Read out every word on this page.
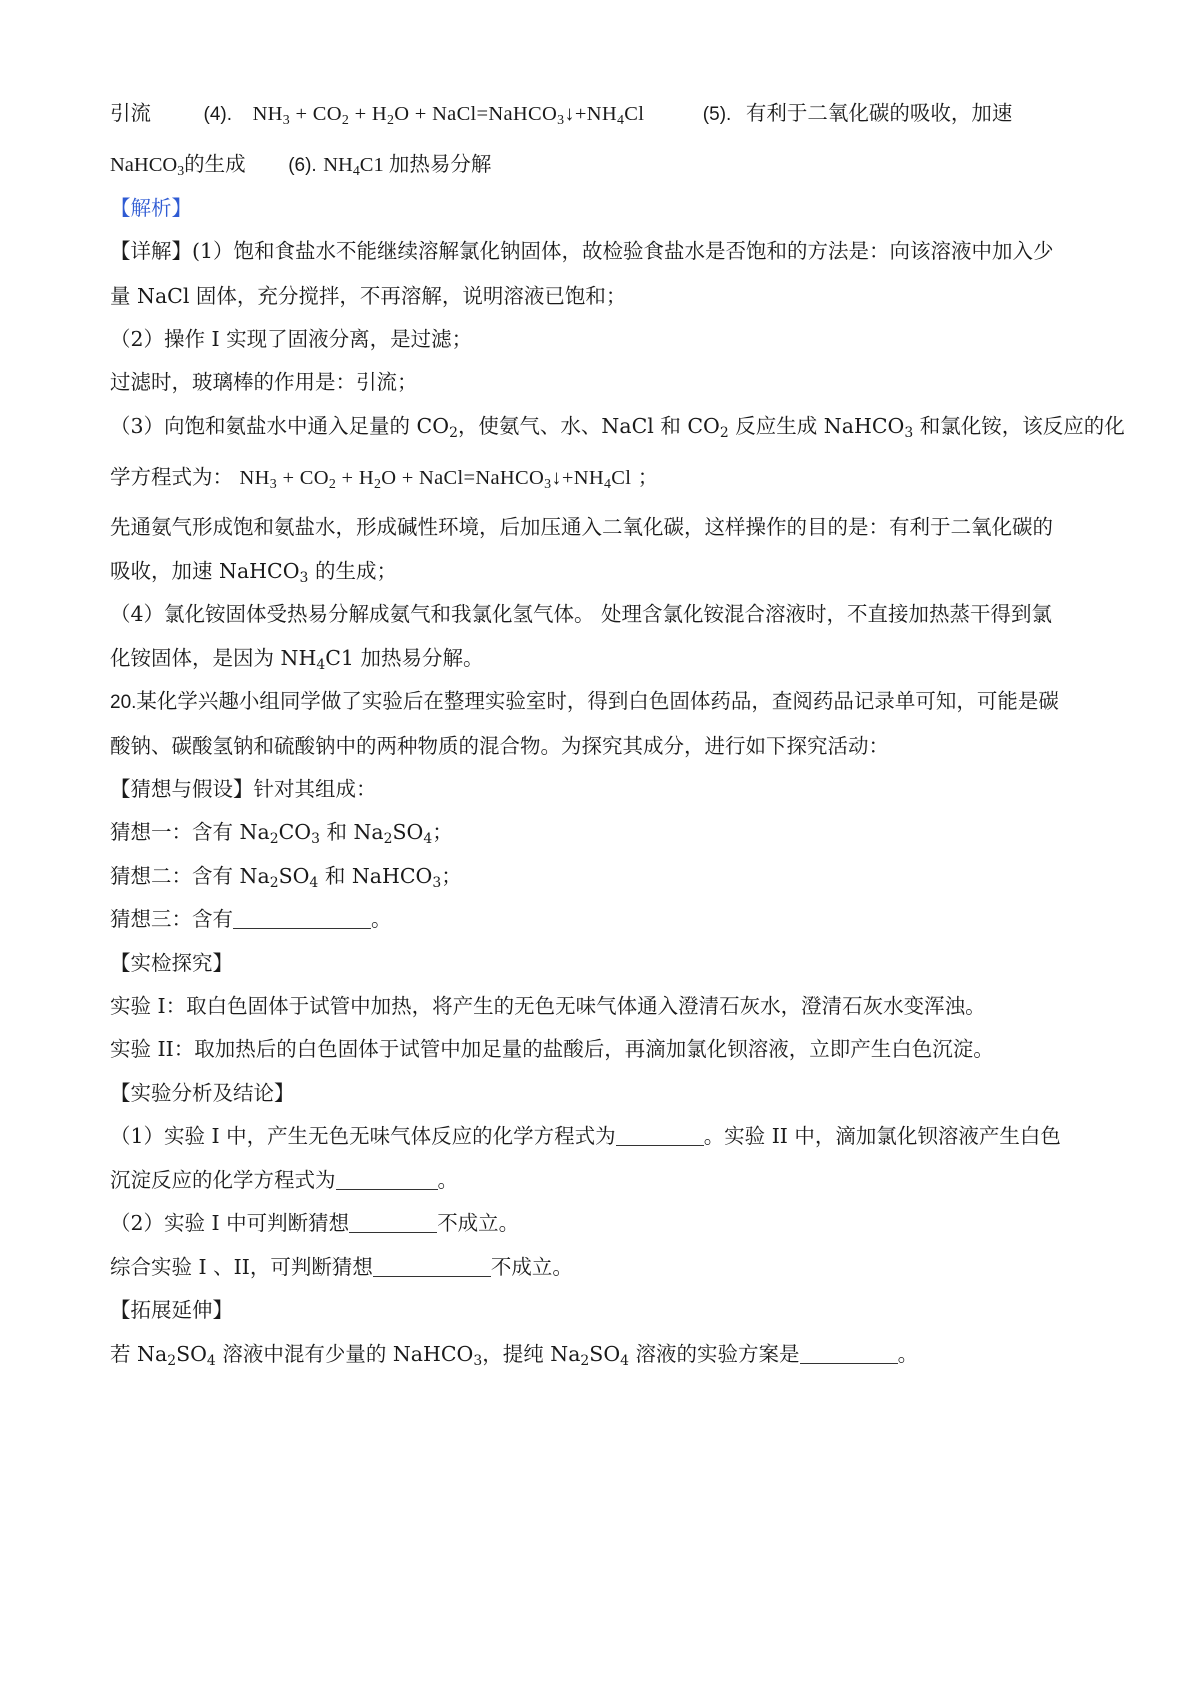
引流	(4). $NH_3 + CO_2 + H_2O$ + $NaCl=NaHCO_3↓+NH_4Cl$	(5). 有利于二氧化碳的吸收，加速
NaHCO$_3$的生成 (6). $NH_4C1$ 加热易分解
【解析】
【详解】(1）饱和食盐水不能继续溶解氯化钠固体，故检验食盐水是否饱和的方法是：向该溶液中加入少
量 NaCl 固体，充分搅拌，不再溶解，说明溶液已饱和；
（2）操作 I 实现了固液分离，是过滤；
过滤时，玻璃棒的作用是：引流；
（3）向饱和氨盐水中通入足量的 $CO_2$，使氨气、水、NaCl 和 $CO_2$ 反应生成 NaHCO$_3$ 和氯化铵，该反应的化
学方程式为： $NH_3 + CO_2 + H_2O$ + $NaCl=NaHCO_3↓+NH_4Cl$ ；
先通氨气形成饱和氨盐水，形成碱性环境，后加压通入二氧化碳，这样操作的目的是：有利于二氧化碳的
吸收，加速 NaHCO$_3$ 的生成；
（4）氯化铵固体受热易分解成氨气和我氯化氢气体。 处理含氯化铵混合溶液时，不直接加热蒸干得到氯
化铵固体，是因为 $NH_4C1$ 加热易分解。
20.某化学兴趣小组同学做了实验后在整理实验室时，得到白色固体药品，查阅药品记录单可知，可能是碳
酸钠、碳酸氢钠和硫酸钠中的两种物质的混合物。为探究其成分，进行如下探究活动：
【猜想与假设】针对其组成：
猜想一：含有 $Na_2CO_3$ 和 $Na_2SO_4$；
猜想二：含有 $Na_2SO_4$ 和 NaHCO$_3$；
猜想三：含有	。
【实检探究】
实验 I：取白色固体于试管中加热，将产生的无色无味气体通入澄清石灰水，澄清石灰水变浑浊。
实验 II：取加热后的白色固体于试管中加足量的盐酸后，再滴加氯化钡溶液，立即产生白色沉淀。
【实验分析及结论】
（1）实验 I 中，产生无色无味气体反应的化学方程式为	。实验 II 中，滴加氯化钡溶液产生白色
沉淀反应的化学方程式为	。
（2）实验 I 中可判断猜想	不成立。
综合实验 I 、II，可判断猜想	不成立。
【拓展延伸】
若 $Na_2SO_4$ 溶液中混有少量的 NaHCO$_3$，提纯 $Na_2SO_4$ 溶液的实验方案是	。
